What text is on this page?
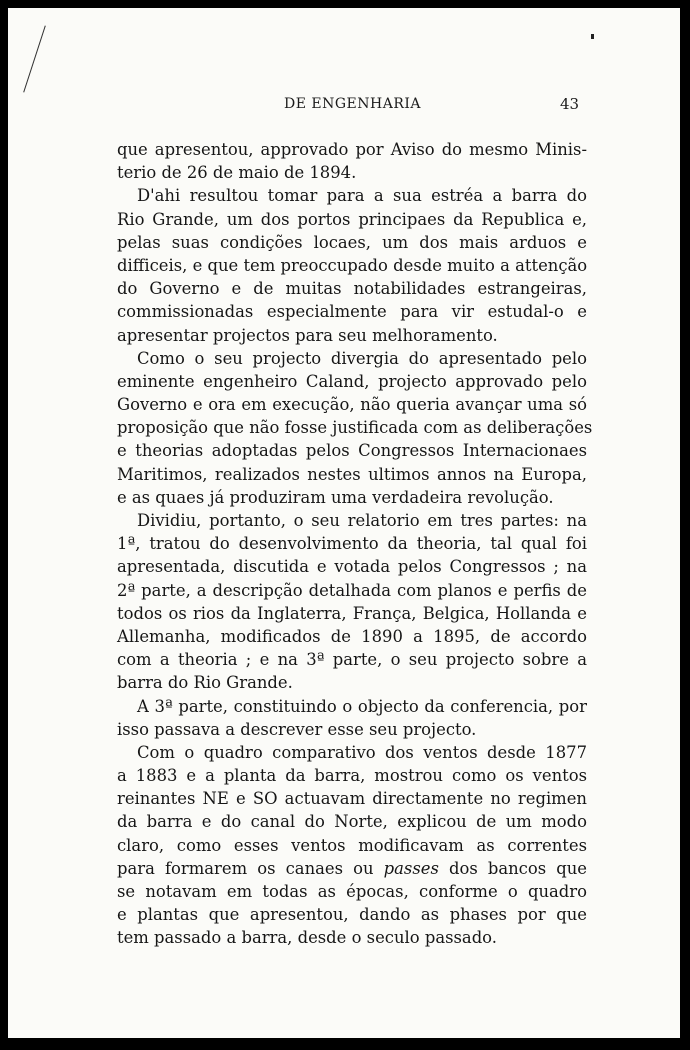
DE ENGENHARIA	43
que apresentou, approvado por Aviso do mesmo Minis-
terio de 26 de maio de 1894.
D'ahi resultou tomar para a sua estréa a barra do
Rio Grande, um dos portos principaes da Republica e,
pelas suas condições locaes, um dos mais arduos e
difficeis, e que tem preoccupado desde muito a attenção
do Governo e de muitas notabilidades estrangeiras,
commissionadas especialmente para vir estudal-o e
apresentar projectos para seu melhoramento.
Como o seu projecto divergia do apresentado pelo
eminente engenheiro Caland, projecto approvado pelo
Governo e ora em execução, não queria avançar uma só
proposição que não fosse justificada com as deliberações
e theorias adoptadas pelos Congressos Internacionaes
Maritimos, realizados nestes ultimos annos na Europa,
e as quaes já produziram uma verdadeira revolução.
Dividiu, portanto, o seu relatorio em tres partes: na
1ª, tratou do desenvolvimento da theoria, tal qual foi
apresentada, discutida e votada pelos Congressos ; na
2ª parte, a descripção detalhada com planos e perfis de
todos os rios da Inglaterra, França, Belgica, Hollanda e
Allemanha, modificados de 1890 a 1895, de accordo
com a theoria ; e na 3ª parte, o seu projecto sobre a
barra do Rio Grande.
A 3ª parte, constituindo o objecto da conferencia, por
isso passava a descrever esse seu projecto.
Com o quadro comparativo dos ventos desde 1877
a 1883 e a planta da barra, mostrou como os ventos
reinantes NE e SO actuavam directamente no regimen
da barra e do canal do Norte, explicou de um modo
claro, como esses ventos modificavam as correntes
para formarem os canaes ou passes dos bancos que
se notavam em todas as épocas, conforme o quadro
e plantas que apresentou, dando as phases por que
tem passado a barra, desde o seculo passado.
